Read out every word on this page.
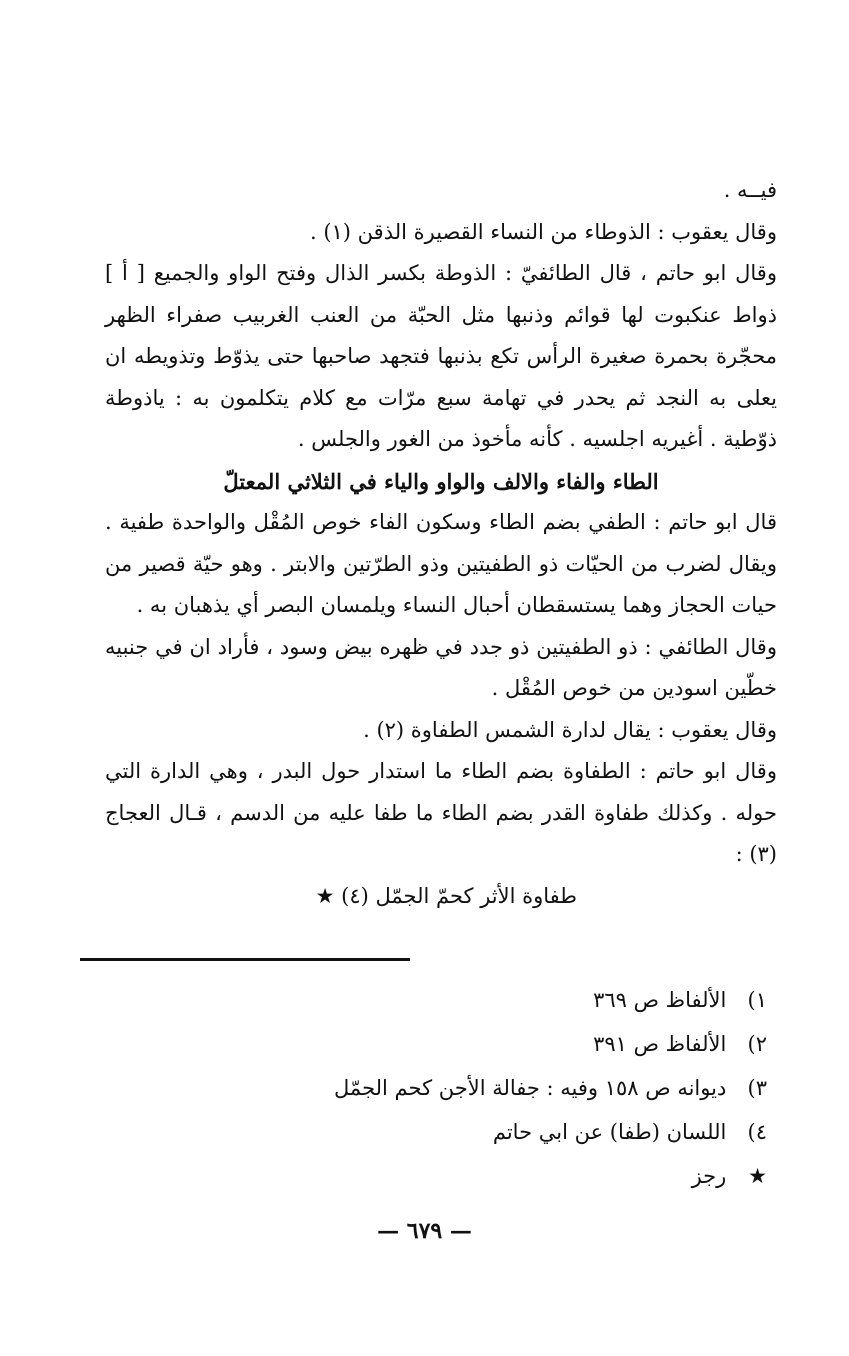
فيــه .

وقال يعقوب : الذوطاء من النساء القصيرة الذقن (١) .

وقال ابو حاتم ، قال الطائفيّ : الذوطة بكسر الذال وفتح الواو والجميع [ أ ] ذواط عنكبوت لها قوائم وذنبها مثل الحبّة من العنب الغربيب صفراء الظهر محجّرة بحمرة صغيرة الرأس تكع بذنبها فتجهد صاحبها حتى يذوّط وتذويطه ان يعلى به النجد ثم يحدر في تهامة سبع مرّات مع كلام يتكلمون به : ياذوطة ذوّطية . أغيريه اجلسيه . كأنه مأخوذ من الغور والجلس .

الطاء والفاء والالف والواو والياء في الثلاثي المعتلّ

قال ابو حاتم : الطفي بضم الطاء وسكون الفاء خوص المُقْل والواحدة طفية . ويقال لضرب من الحيّات ذو الطفيتين وذو الطرّتين والابتر . وهو حيّة قصير من حيات الحجاز وهما يستسقطان أحبال النساء ويلمسان البصر أي يذهبان به .

وقال الطائفي : ذو الطفيتين ذو جدد في ظهره بيض وسود ، فأراد ان في جنبيه خطّين اسودين من خوص المُقْل .

وقال يعقوب : يقال لدارة الشمس الطفاوة (٢) .

وقال ابو حاتم : الطفاوة بضم الطاء ما استدار حول البدر ، وهي الدارة التي حوله . وكذلك طفاوة القدر بضم الطاء ما طفا عليه من الدسم ، قـال العجاج (٣) :

طفاوة الأثر كحمّ الجمّل (٤) ★

١) الألفاظ ص ٣٦٩
٢) الألفاظ ص ٣٩١
٣) ديوانه ص ١٥٨ وفيه : جفالة الأجن كحم الجمّل
٤) اللسان (طفا) عن ابي حاتم
★ رجز
— ٦٧٩ —
